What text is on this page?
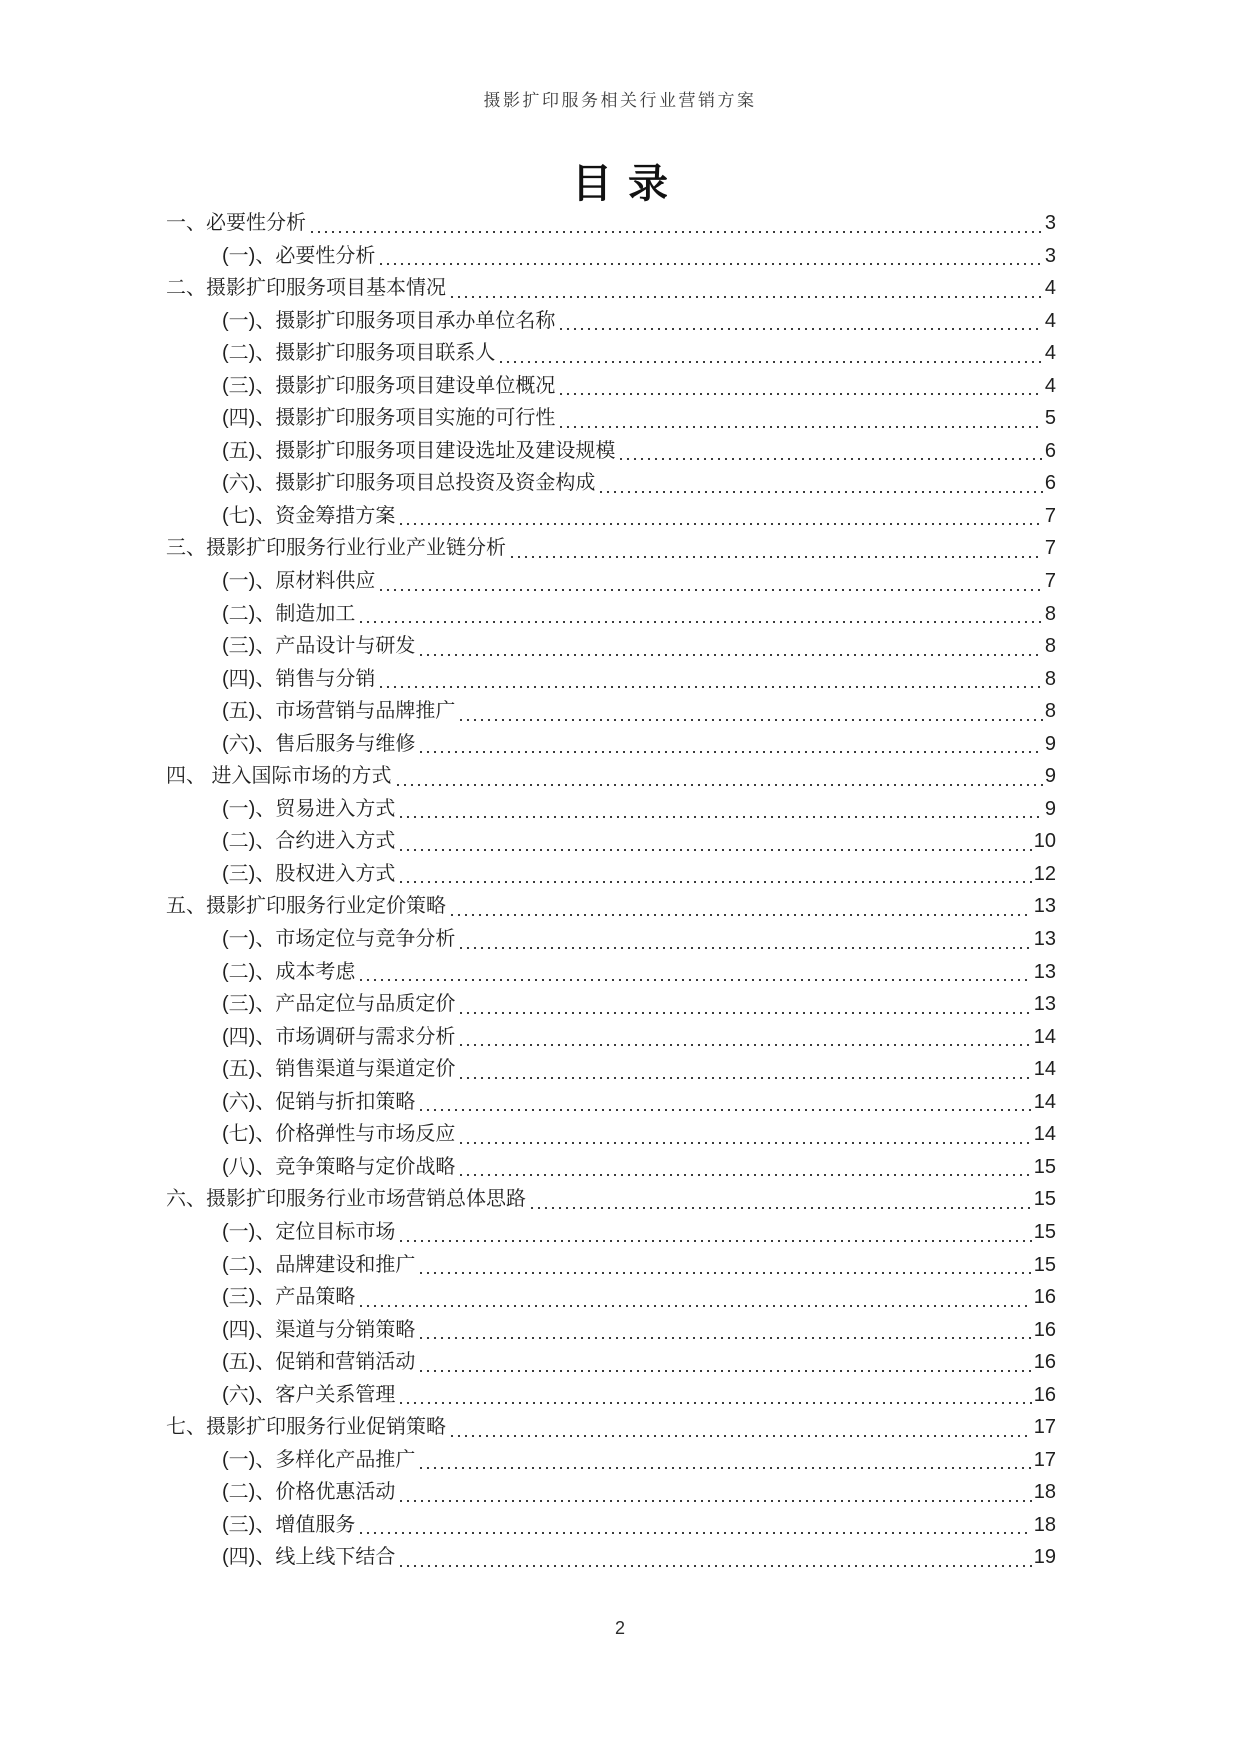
摄影扩印服务相关行业营销方案
目录
一、必要性分析	3
(一)、必要性分析	3
二、摄影扩印服务项目基本情况	4
(一)、摄影扩印服务项目承办单位名称	4
(二)、摄影扩印服务项目联系人	4
(三)、摄影扩印服务项目建设单位概况	4
(四)、摄影扩印服务项目实施的可行性	5
(五)、摄影扩印服务项目建设选址及建设规模	6
(六)、摄影扩印服务项目总投资及资金构成	6
(七)、资金筹措方案	7
三、摄影扩印服务行业行业产业链分析	7
(一)、原材料供应	7
(二)、制造加工	8
(三)、产品设计与研发	8
(四)、销售与分销	8
(五)、市场营销与品牌推广	8
(六)、售后服务与维修	9
四、 进入国际市场的方式	9
(一)、贸易进入方式	9
(二)、合约进入方式	10
(三)、股权进入方式	12
五、摄影扩印服务行业定价策略	13
(一)、市场定位与竞争分析	13
(二)、成本考虑	13
(三)、产品定位与品质定价	13
(四)、市场调研与需求分析	14
(五)、销售渠道与渠道定价	14
(六)、促销与折扣策略	14
(七)、价格弹性与市场反应	14
(八)、竞争策略与定价战略	15
六、摄影扩印服务行业市场营销总体思路	15
(一)、定位目标市场	15
(二)、品牌建设和推广	15
(三)、产品策略	16
(四)、渠道与分销策略	16
(五)、促销和营销活动	16
(六)、客户关系管理	16
七、摄影扩印服务行业促销策略	17
(一)、多样化产品推广	17
(二)、价格优惠活动	18
(三)、增值服务	18
(四)、线上线下结合	19
2
